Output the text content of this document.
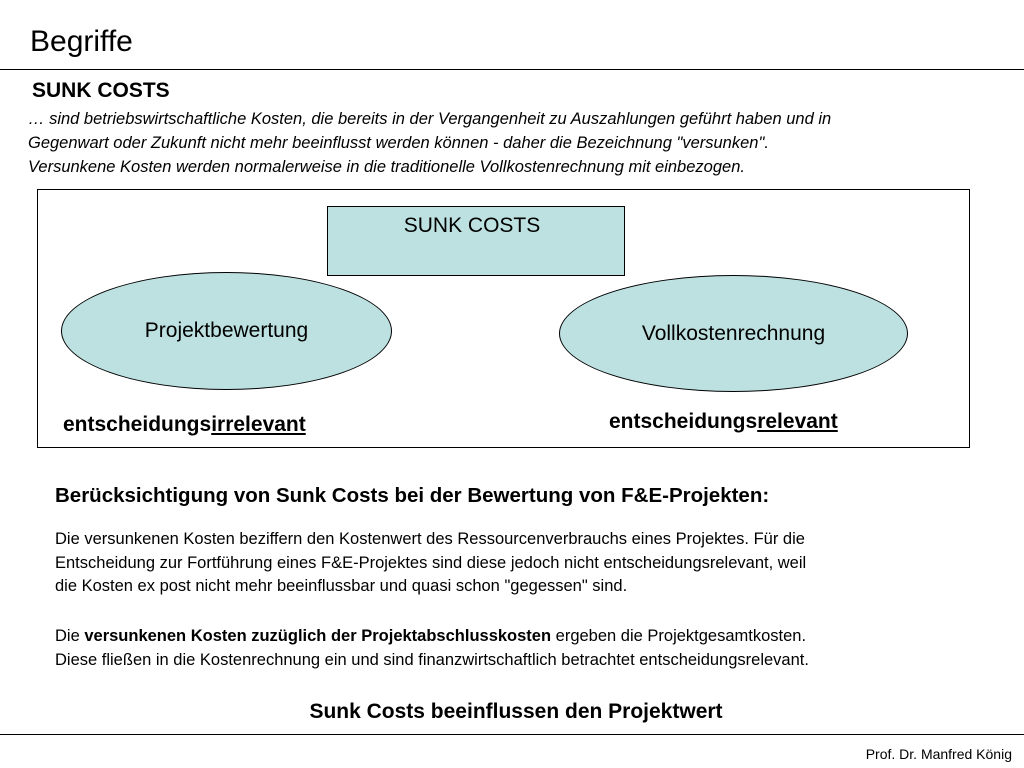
Begriffe
SUNK COSTS
… sind betriebswirtschaftliche Kosten, die bereits in der Vergangenheit zu Auszahlungen geführt haben und in
Gegenwart oder Zukunft nicht mehr beeinflusst werden können - daher die Bezeichnung "versunken".
Versunkene Kosten werden normalerweise in die traditionelle Vollkostenrechnung mit einbezogen.
SUNK COSTS
Projektbewertung	Vollkostenrechnung
entscheidungsirrelevant	entscheidungsrelevant
Berücksichtigung von Sunk Costs bei der Bewertung von F&E-Projekten:
Die versunkenen Kosten beziffern den Kostenwert des Ressourcenverbrauchs eines Projektes. Für die
Entscheidung zur Fortführung eines F&E-Projektes sind diese jedoch nicht entscheidungsrelevant, weil
die Kosten ex post nicht mehr beeinflussbar und quasi schon "gegessen" sind.
Die versunkenen Kosten zuzüglich der Projektabschlusskosten ergeben die Projektgesamtkosten.
Diese fließen in die Kostenrechnung ein und sind finanzwirtschaftlich betrachtet entscheidungsrelevant.
Sunk Costs beeinflussen den Projektwert
Prof. Dr. Manfred König
